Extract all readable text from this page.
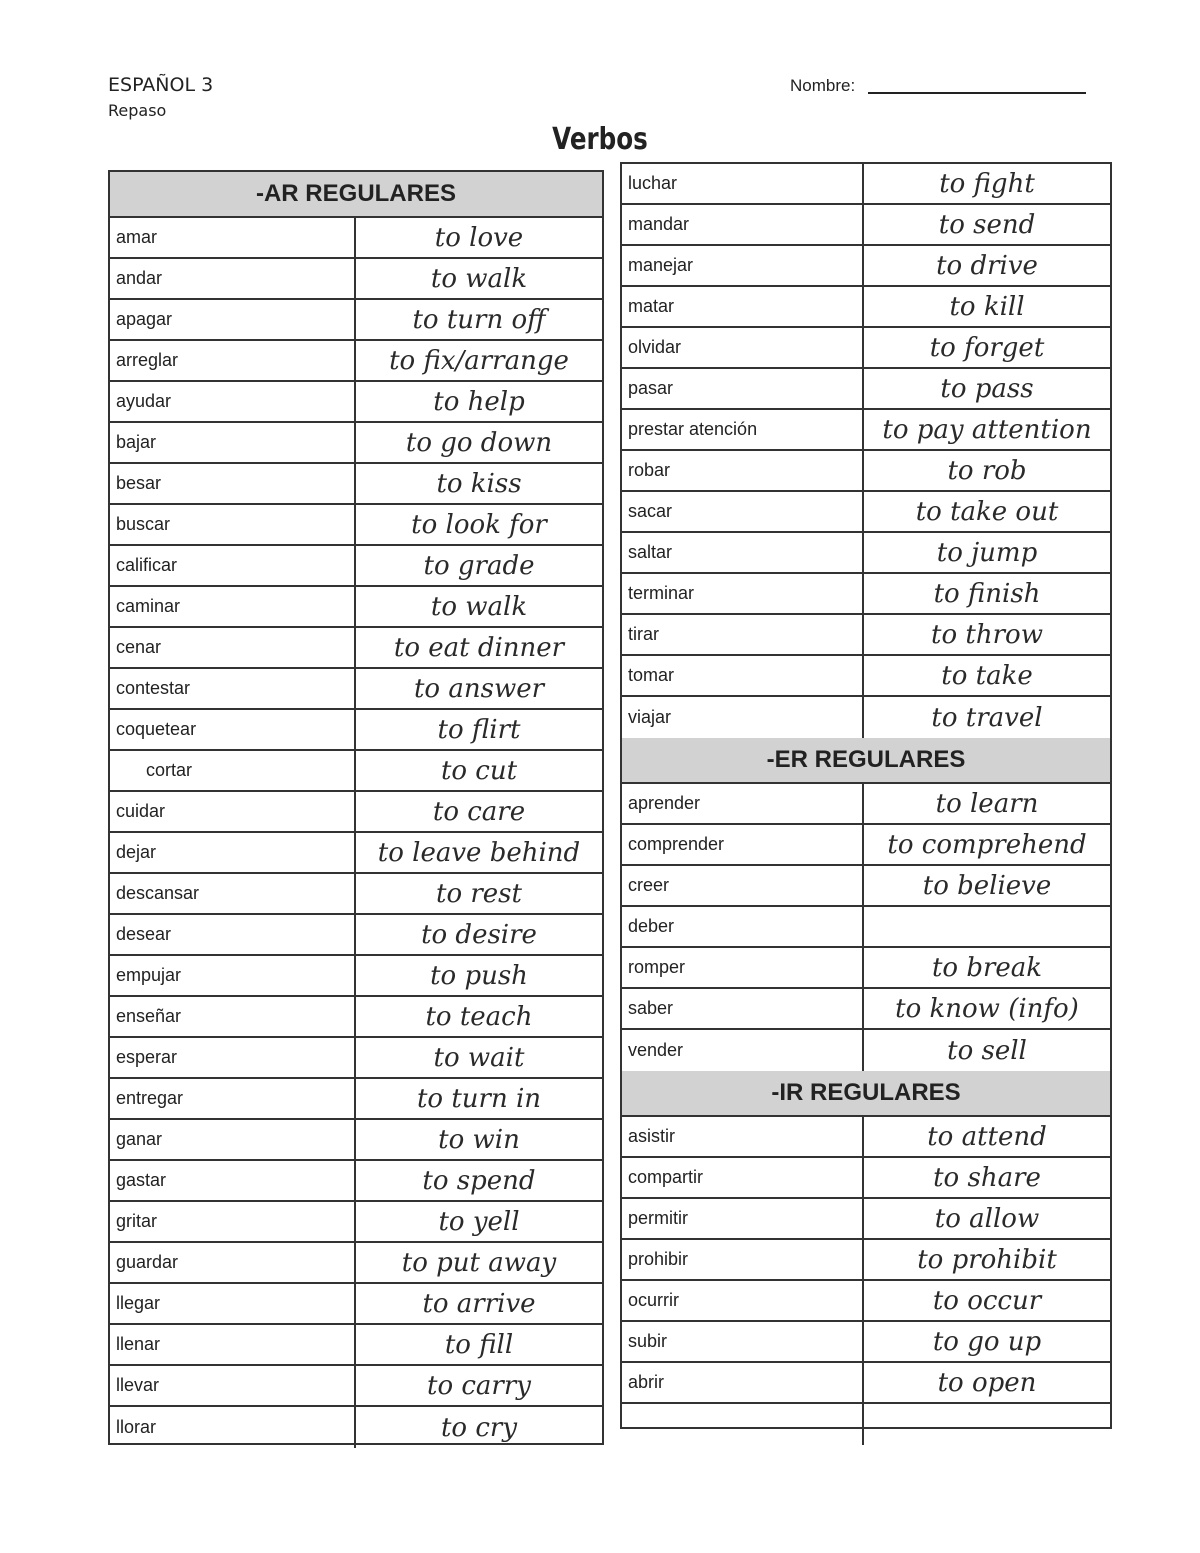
ESPAÑOL 3
Repaso
Nombre:
Verbos
-AR REGULARES
amar	to love
andar	to walk
apagar	to turn off
arreglar	to fix/arrange
ayudar	to help
bajar	to go down
besar	to kiss
buscar	to look for
calificar	to grade
caminar	to walk
cenar	to eat dinner
contestar	to answer
coquetear	to flirt
cortar	to cut
cuidar	to care
dejar	to leave behind
descansar	to rest
desear	to desire
empujar	to push
enseñar	to teach
esperar	to wait
entregar	to turn in
ganar	to win
gastar	to spend
gritar	to yell
guardar	to put away
llegar	to arrive
llenar	to fill
llevar	to carry
llorar	to cry
luchar	to fight
mandar	to send
manejar	to drive
matar	to kill
olvidar	to forget
pasar	to pass
prestar atención	to pay attention
robar	to rob
sacar	to take out
saltar	to jump
terminar	to finish
tirar	to throw
tomar	to take
viajar	to travel
-ER REGULARES
aprender	to learn
comprender	to comprehend
creer	to believe
deber
romper	to break
saber	to know (info)
vender	to sell
-IR REGULARES
asistir	to attend
compartir	to share
permitir	to allow
prohibir	to prohibit
ocurrir	to occur
subir	to go up
abrir	to open
